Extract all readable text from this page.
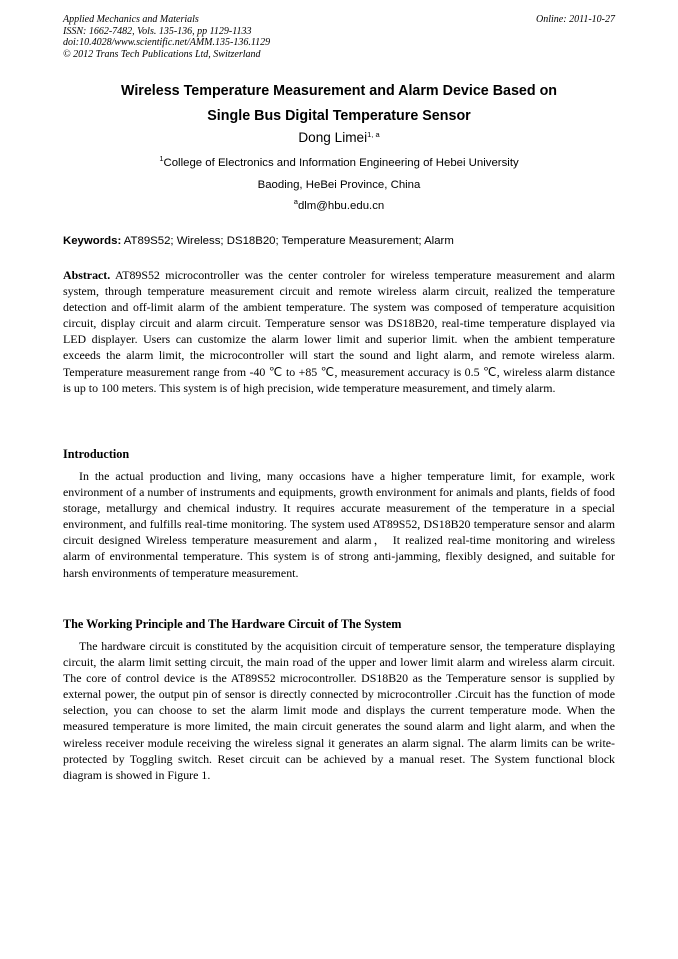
Applied Mechanics and Materials
ISSN: 1662-7482, Vols. 135-136, pp 1129-1133
doi:10.4028/www.scientific.net/AMM.135-136.1129
© 2012 Trans Tech Publications Ltd, Switzerland
Online: 2011-10-27
Wireless Temperature Measurement and Alarm Device Based on
Single Bus Digital Temperature Sensor
Dong Limei$^{1, a}$
$^1$College of Electronics and Information Engineering of Hebei University
Baoding, HeBei Province, China
$^a$dlm@hbu.edu.cn
Keywords: AT89S52; Wireless; DS18B20; Temperature Measurement; Alarm
Abstract. AT89S52 microcontroller was the center controler for wireless temperature measurement and alarm system, through temperature measurement circuit and remote wireless alarm circuit, realized the temperature detection and off-limit alarm of the ambient temperature. The system was composed of temperature acquisition circuit, display circuit and alarm circuit. Temperature sensor was DS18B20, real-time temperature displayed via LED displayer. Users can customize the alarm lower limit and superior limit. when the ambient temperature exceeds the alarm limit, the microcontroller will start the sound and light alarm, and remote wireless alarm. Temperature measurement range from -40 ℃ to +85 ℃, measurement accuracy is 0.5 ℃, wireless alarm distance is up to 100 meters. This system is of high precision, wide temperature measurement, and timely alarm.
Introduction
In the actual production and living, many occasions have a higher temperature limit, for example, work environment of a number of instruments and equipments, growth environment for animals and plants, fields of food storage, metallurgy and chemical industry. It requires accurate measurement of the temperature in a special environment, and fulfills real-time monitoring. The system used AT89S52, DS18B20 temperature sensor and alarm circuit designed Wireless temperature measurement and alarm， It realized real-time monitoring and wireless alarm of environmental temperature. This system is of strong anti-jamming, flexibly designed, and suitable for harsh environments of temperature measurement.
The Working Principle and The Hardware Circuit of The System
The hardware circuit is constituted by the acquisition circuit of temperature sensor, the temperature displaying circuit, the alarm limit setting circuit, the main road of the upper and lower limit alarm and wireless alarm circuit. The core of control device is the AT89S52 microcontroller. DS18B20 as the Temperature sensor is supplied by external power, the output pin of sensor is directly connected by microcontroller .Circuit has the function of mode selection, you can choose to set the alarm limit mode and displays the current temperature mode. When the measured temperature is more limited, the main circuit generates the sound alarm and light alarm, and when the wireless receiver module receiving the wireless signal it generates an alarm signal. The alarm limits can be write-protected by Toggling switch. Reset circuit can be achieved by a manual reset. The System functional block diagram is showed in Figure 1.
